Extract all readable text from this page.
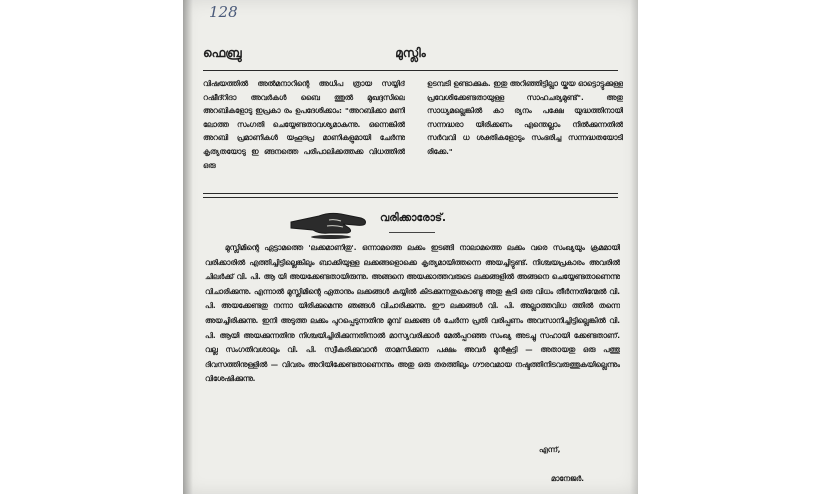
128
ഫെബ്രു	മുസ്ലിം
വിഷയത്തിൽ അൽമനാറിന്റെ അധിപ ത്രായ സയ്യിദ് റഷീദ്റിദാ അവർകൾ ബൈ ത്തുൽ മുഖദ്ദസിലെ അറബികളോടു ഇപ്രകാ രം ഉപദേശിക്കാം: "അറബിക്കാ മണി ലോത്ത സംഗതി ചെയ്യേണ്ടതാവശ്യമാകുന്നു. ഒന്നെങ്കിൽ അറബി പ്രമാണികൾ യഹൂദപ്ര മാണികളുമായി ചേർന്നു കൃത്യതയോടു ഇ ങ്ങനത്തെ പരിപാലിക്കത്തക്ക വിധത്തിൽ ഒരു
ഉടമ്പടി ഉണ്ടാക്കുക. ഇതു അറിഞ്ഞിട്ടില്ലാ യ്കയ ഓട്ടൊട്ടുക്കുള്ള പ്രവേശിക്കേണ്ടതായുള്ള സാഹചര്യമുണ്ട്". അതു സാധ്യമല്ലെങ്കിൽ കാ ര്യനം പക്ഷേ യുദ്ധത്തിനായി സന്നദ്ധരാ യിരിക്കണം എന്തെല്ലാം നിൽക്കുന്നതിൽ സർവവി ധ ശക്തികളോടും സംഭരിച്ച സന്നദ്ധതയോടി രിക്കേ."
വരിക്കാരോട്.
മുസ്ലിമിന്റെ ഏട്ടാമത്തെ 'ലക്കമാണിതു'. ഒന്നാമത്തെ ലക്കം ഇടങ്ങി നാലാമത്തെ ലക്കം വരെ സംഖ്യയും ക്രമമായി വരിക്കാരിൽ എത്തിച്ചിട്ടില്ലെങ്കിലും ബാക്കിയുള്ള ലക്കങ്ങളൊക്കെ കൃത്യമായിത്തന്നെ അയച്ചിട്ടുണ്ട്. നിശ്ചയപ്രകാരം അവരിൽ ചിലർക്ക് വി. പി. ആ യി അയക്കേണ്ടതായിരുന്നു. അങ്ങനെ അയക്കാത്തവരുടെ ലക്കങ്ങളിൽ അങ്ങനെ ചെയ്യേണ്ടതാണെന്നു വിചാരിക്കുന്നു. എന്നാൽ മുസ്ലിമിന്റെ ഏതാനും ലക്കങ്ങൾ കയ്യിൽ കിടക്കുന്നതുകൊണ്ടു അതു കൂടി ഒരു വിധം തീർന്നതിന്മേൽ വി. പി. അയക്കേണ്ടതു നന്നാ യിരിക്കുമെന്നു ഞങ്ങൾ വിചാരിക്കുന്നു. ഈ ലക്കങ്ങൾ വി. പി. അല്ലാത്തവിധ ത്തിൽ തന്നെ അയച്ചിരിക്കുന്നു. ഇനി അടുത്ത ലക്കം പുറപ്പെടുന്നതിനു മുമ്പ് ലക്കങ്ങ ൾ ചേർന്ന പ്രതി വരിപ്പണം അവസാനിച്ചിട്ടില്ലെങ്കിൽ വി. പി. ആയി അയക്കുന്നതിനു നിശ്ചയിച്ചിരിക്കുന്നതിനാൽ മാസ്യവരിക്കാർ മേൽപ്പറഞ്ഞ സംഖ്യ അടച്ചു സഹായി ക്കേണ്ടതാണ്. വല്ല സംഗതിവശാലും വി. പി. സ്വീകരിക്കുവാൻ താമസിക്കുന്ന പക്ഷം അവർ മുൻകൂട്ടി — അതായതു ഒരു പത്തു ദിവസത്തിനുള്ളിൽ — വിവരം അറിയിക്കേണ്ടതാണെന്നും അതു ഒരു തരത്തിലും ഗൗരവമായ നഷ്ടത്തിനിടവരുത്തുകയില്ലെന്നും വിശേഷിക്കുന്നു.
എന്ന്,
മാനേജർ.
